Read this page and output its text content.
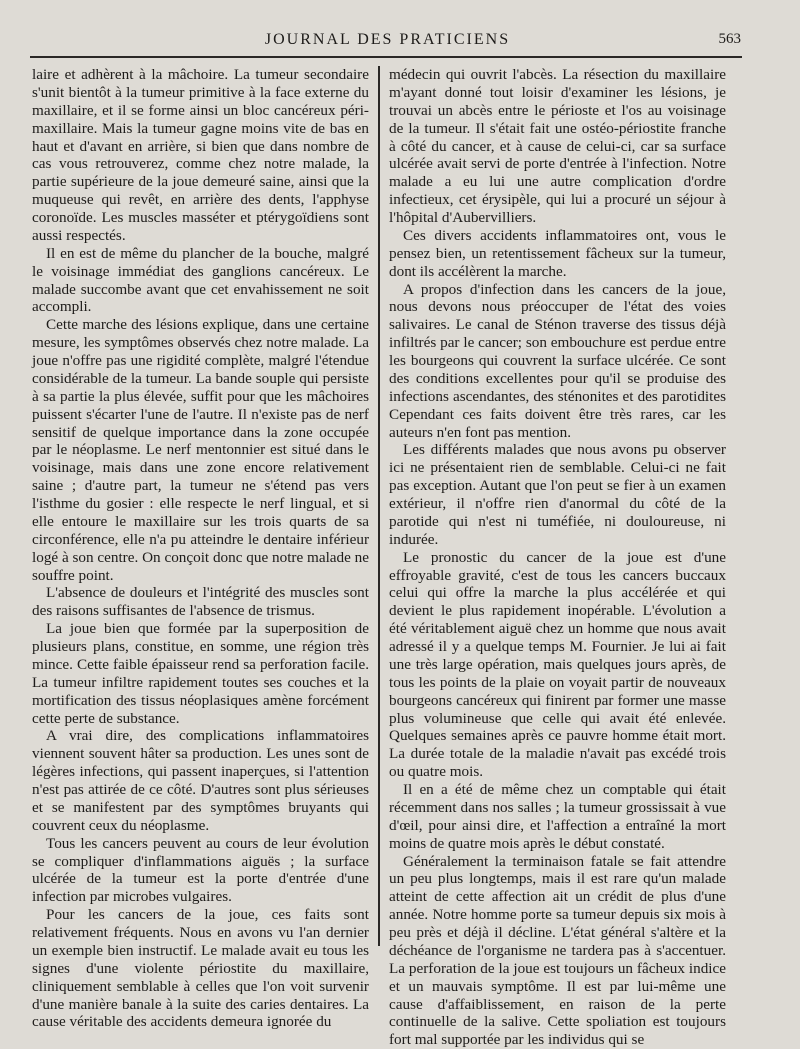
JOURNAL DES PRATICIENS	563

laire et adhèrent à la mâchoire. La tumeur secondaire s'unit bientôt à la tumeur primitive à la face externe du maxillaire, et il se forme ainsi un bloc cancéreux péri-maxillaire. Mais la tumeur gagne moins vite de bas en haut et d'avant en arrière, si bien que dans nombre de cas vous retrouverez, comme chez notre malade, la partie supérieure de la joue demeuré saine, ainsi que la muqueuse qui revêt, en arrière des dents, l'apphyse coronoïde. Les muscles masséter et ptérygoïdiens sont aussi respectés.

Il en est de même du plancher de la bouche, malgré le voisinage immédiat des ganglions cancéreux. Le malade succombe avant que cet envahissement ne soit accompli.

Cette marche des lésions explique, dans une certaine mesure, les symptômes observés chez notre malade. La joue n'offre pas une rigidité complète, malgré l'étendue considérable de la tumeur. La bande souple qui persiste à sa partie la plus élevée, suffit pour que les mâchoires puissent s'écarter l'une de l'autre. Il n'existe pas de nerf sensitif de quelque importance dans la zone occupée par le néoplasme. Le nerf mentonnier est situé dans le voisinage, mais dans une zone encore relativement saine ; d'autre part, la tumeur ne s'étend pas vers l'isthme du gosier : elle respecte le nerf lingual, et si elle entoure le maxillaire sur les trois quarts de sa circonférence, elle n'a pu atteindre le dentaire inférieur logé à son centre. On conçoit donc que notre malade ne souffre point.

L'absence de douleurs et l'intégrité des muscles sont des raisons suffisantes de l'absence de trismus.

La joue bien que formée par la superposition de plusieurs plans, constitue, en somme, une région très mince. Cette faible épaisseur rend sa perforation facile. La tumeur infiltre rapidement toutes ses couches et la mortification des tissus néoplasiques amène forcément cette perte de substance.

A vrai dire, des complications inflammatoires viennent souvent hâter sa production. Les unes sont de légères infections, qui passent inaperçues, si l'attention n'est pas attirée de ce côté. D'autres sont plus sérieuses et se manifestent par des symptômes bruyants qui couvrent ceux du néoplasme.

Tous les cancers peuvent au cours de leur évolution se compliquer d'inflammations aiguës ; la surface ulcérée de la tumeur est la porte d'entrée d'une infection par microbes vulgaires.

Pour les cancers de la joue, ces faits sont relativement fréquents. Nous en avons vu l'an dernier un exemple bien instructif. Le malade avait eu tous les signes d'une violente périostite du maxillaire, cliniquement semblable à celles que l'on voit survenir d'une manière banale à la suite des caries dentaires. La cause véritable des accidents demeura ignorée du

médecin qui ouvrit l'abcès. La résection du maxillaire m'ayant donné tout loisir d'examiner les lésions, je trouvai un abcès entre le périoste et l'os au voisinage de la tumeur. Il s'était fait une ostéo-périostite franche à côté du cancer, et à cause de celui-ci, car sa surface ulcérée avait servi de porte d'entrée à l'infection. Notre malade a eu lui une autre complication d'ordre infectieux, cet érysipèle, qui lui a procuré un séjour à l'hôpital d'Aubervilliers.

Ces divers accidents inflammatoires ont, vous le pensez bien, un retentissement fâcheux sur la tumeur, dont ils accélèrent la marche.

A propos d'infection dans les cancers de la joue, nous devons nous préoccuper de l'état des voies salivaires. Le canal de Sténon traverse des tissus déjà infiltrés par le cancer; son embouchure est perdue entre les bourgeons qui couvrent la surface ulcérée. Ce sont des conditions excellentes pour qu'il se produise des infections ascendantes, des sténonites et des parotidites Cependant ces faits doivent être très rares, car les auteurs n'en font pas mention.

Les différents malades que nous avons pu observer ici ne présentaient rien de semblable. Celui-ci ne fait pas exception. Autant que l'on peut se fier à un examen extérieur, il n'offre rien d'anormal du côté de la parotide qui n'est ni tuméfiée, ni douloureuse, ni indurée.

Le pronostic du cancer de la joue est d'une effroyable gravité, c'est de tous les cancers buccaux celui qui offre la marche la plus accélérée et qui devient le plus rapidement inopérable. L'évolution a été véritablement aiguë chez un homme que nous avait adressé il y a quelque temps M. Fournier. Je lui ai fait une très large opération, mais quelques jours après, de tous les points de la plaie on voyait partir de nouveaux bourgeons cancéreux qui finirent par former une masse plus volumineuse que celle qui avait été enlevée. Quelques semaines après ce pauvre homme était mort. La durée totale de la maladie n'avait pas excédé trois ou quatre mois.

Il en a été de même chez un comptable qui était récemment dans nos salles ; la tumeur grossissait à vue d'œil, pour ainsi dire, et l'affection a entraîné la mort moins de quatre mois après le début constaté.

Généralement la terminaison fatale se fait attendre un peu plus longtemps, mais il est rare qu'un malade atteint de cette affection ait un crédit de plus d'une année. Notre homme porte sa tumeur depuis six mois à peu près et déjà il décline. L'état général s'altère et la déchéance de l'organisme ne tardera pas à s'accentuer. La perforation de la joue est toujours un fâcheux indice et un mauvais symptôme. Il est par lui-même une cause d'affaiblissement, en raison de la perte continuelle de la salive. Cette spoliation est toujours fort mal supportée par les individus qui se
